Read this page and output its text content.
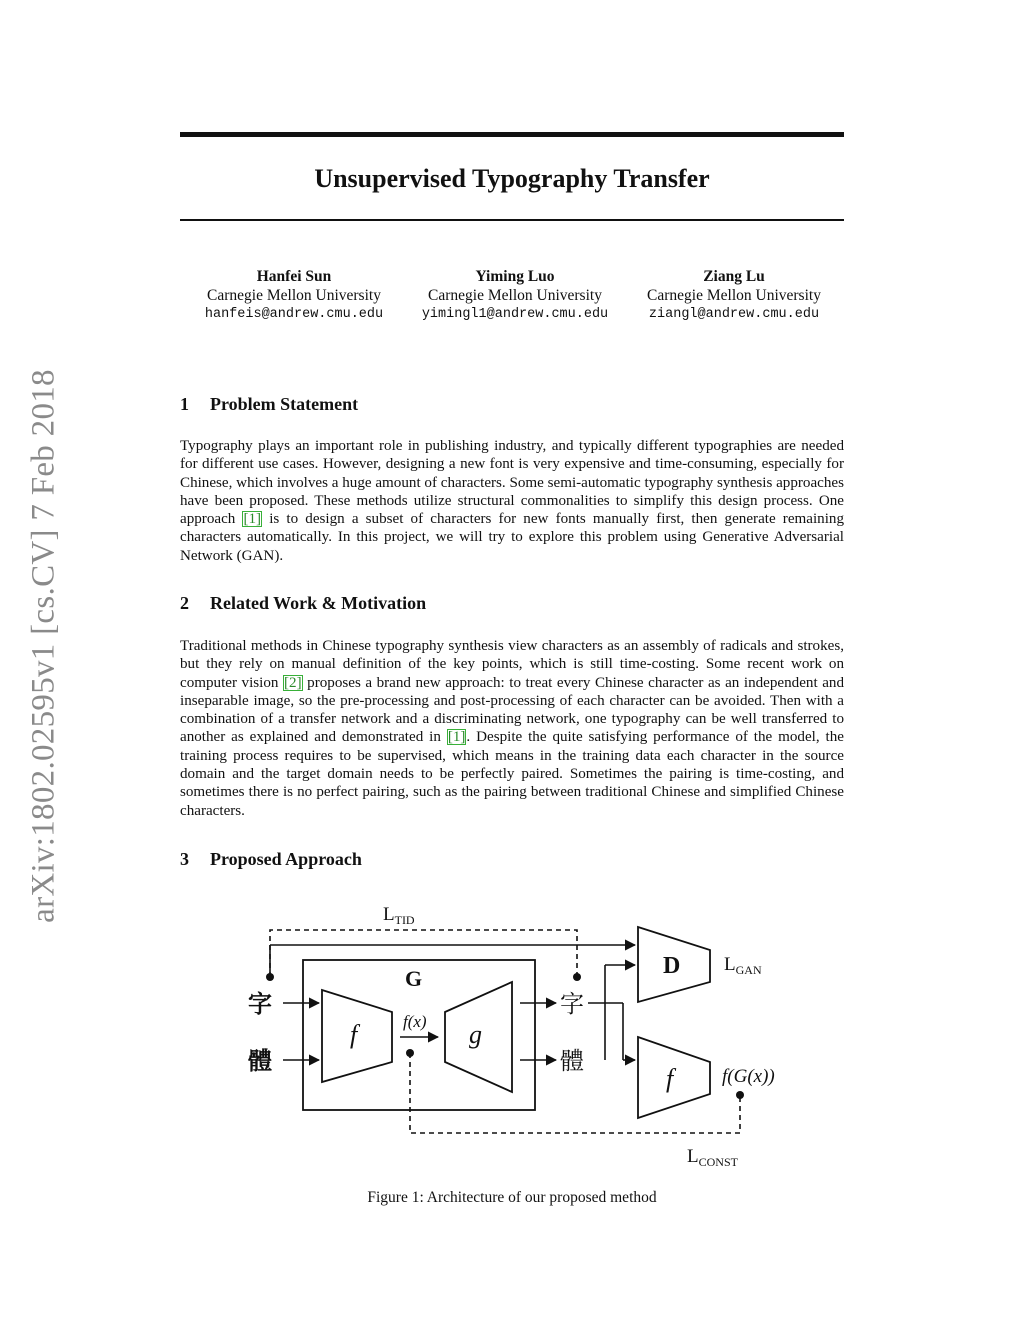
arXiv:1802.02595v1 [cs.CV] 7 Feb 2018
Unsupervised Typography Transfer
Hanfei Sun
Carnegie Mellon University
hanfeis@andrew.cmu.edu
Yiming Luo
Carnegie Mellon University
yimingl1@andrew.cmu.edu
Ziang Lu
Carnegie Mellon University
ziangl@andrew.cmu.edu
1 Problem Statement

Typography plays an important role in publishing industry, and typically different typographies are needed for different use cases. However, designing a new font is very expensive and time-consuming, especially for Chinese, which involves a huge amount of characters. Some semi-automatic typography synthesis approaches have been proposed. These methods utilize structural commonalities to simplify this design process. One approach [1] is to design a subset of characters for new fonts manually first, then generate remaining characters automatically. In this project, we will try to explore this problem using Generative Adversarial Network (GAN).

2 Related Work & Motivation

Traditional methods in Chinese typography synthesis view characters as an assembly of radicals and strokes, but they rely on manual definition of the key points, which is still time-costing. Some recent work on computer vision [2] proposes a brand new approach: to treat every Chinese character as an independent and inseparable image, so the pre-processing and post-processing of each character can be avoided. Then with a combination of a transfer network and a discriminating network, one typography can be well transferred to another as explained and demonstrated in [1]. Despite the quite satisfying performance of the model, the training process requires to be supervised, which means in the training data each character in the source domain and the target domain needs to be perfectly paired. Sometimes the pairing is time-costing, and sometimes there is no perfect pairing, such as the pairing between traditional Chinese and simplified Chinese characters.

3 Proposed Approach
$L_{TID}$
G
f	f(x) g
字
體
字
體
D $L_{GAN}$
f	f(G(x))
$L_{CONST}$

Figure 1: Architecture of our proposed method
